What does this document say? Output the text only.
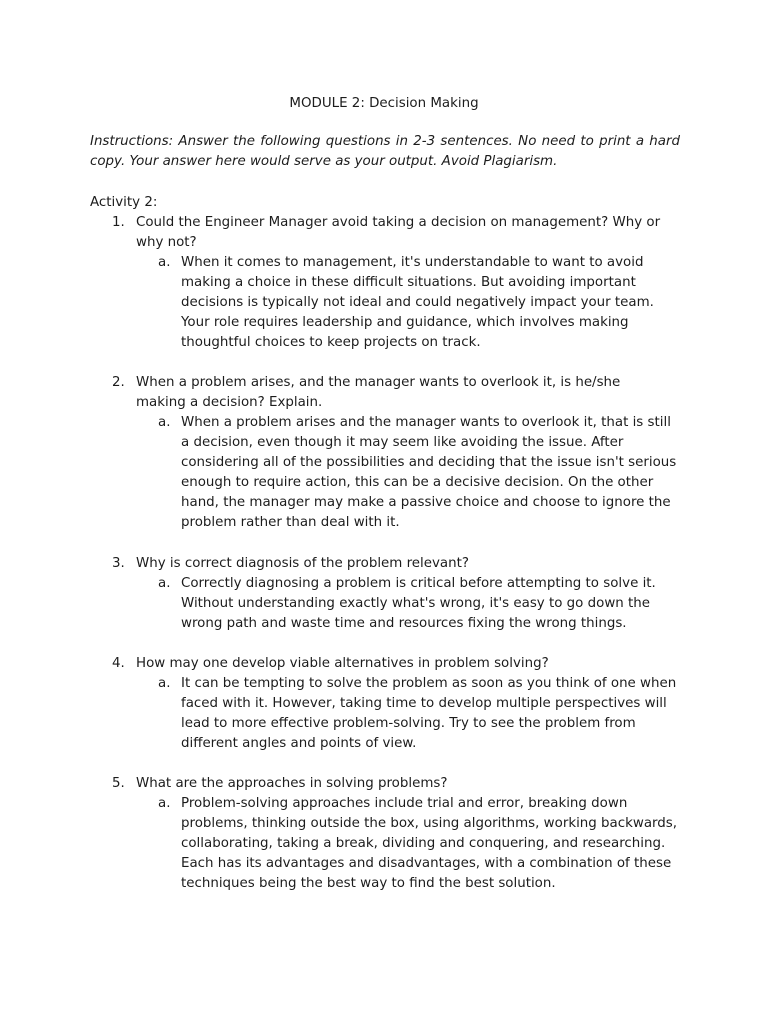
MODULE 2: Decision Making
Instructions: Answer the following questions in 2-3 sentences. No need to print a hard copy. Your answer here would serve as your output. Avoid Plagiarism.
Activity 2:
1. Could the Engineer Manager avoid taking a decision on management? Why or why not?
a. When it comes to management, it's understandable to want to avoid making a choice in these difficult situations. But avoiding important decisions is typically not ideal and could negatively impact your team. Your role requires leadership and guidance, which involves making thoughtful choices to keep projects on track.
2. When a problem arises, and the manager wants to overlook it, is he/she making a decision? Explain.
a. When a problem arises and the manager wants to overlook it, that is still a decision, even though it may seem like avoiding the issue. After considering all of the possibilities and deciding that the issue isn't serious enough to require action, this can be a decisive decision. On the other hand, the manager may make a passive choice and choose to ignore the problem rather than deal with it.
3. Why is correct diagnosis of the problem relevant?
a. Correctly diagnosing a problem is critical before attempting to solve it. Without understanding exactly what's wrong, it's easy to go down the wrong path and waste time and resources fixing the wrong things.
4. How may one develop viable alternatives in problem solving?
a. It can be tempting to solve the problem as soon as you think of one when faced with it. However, taking time to develop multiple perspectives will lead to more effective problem-solving. Try to see the problem from different angles and points of view.
5. What are the approaches in solving problems?
a. Problem-solving approaches include trial and error, breaking down problems, thinking outside the box, using algorithms, working backwards, collaborating, taking a break, dividing and conquering, and researching. Each has its advantages and disadvantages, with a combination of these techniques being the best way to find the best solution.
